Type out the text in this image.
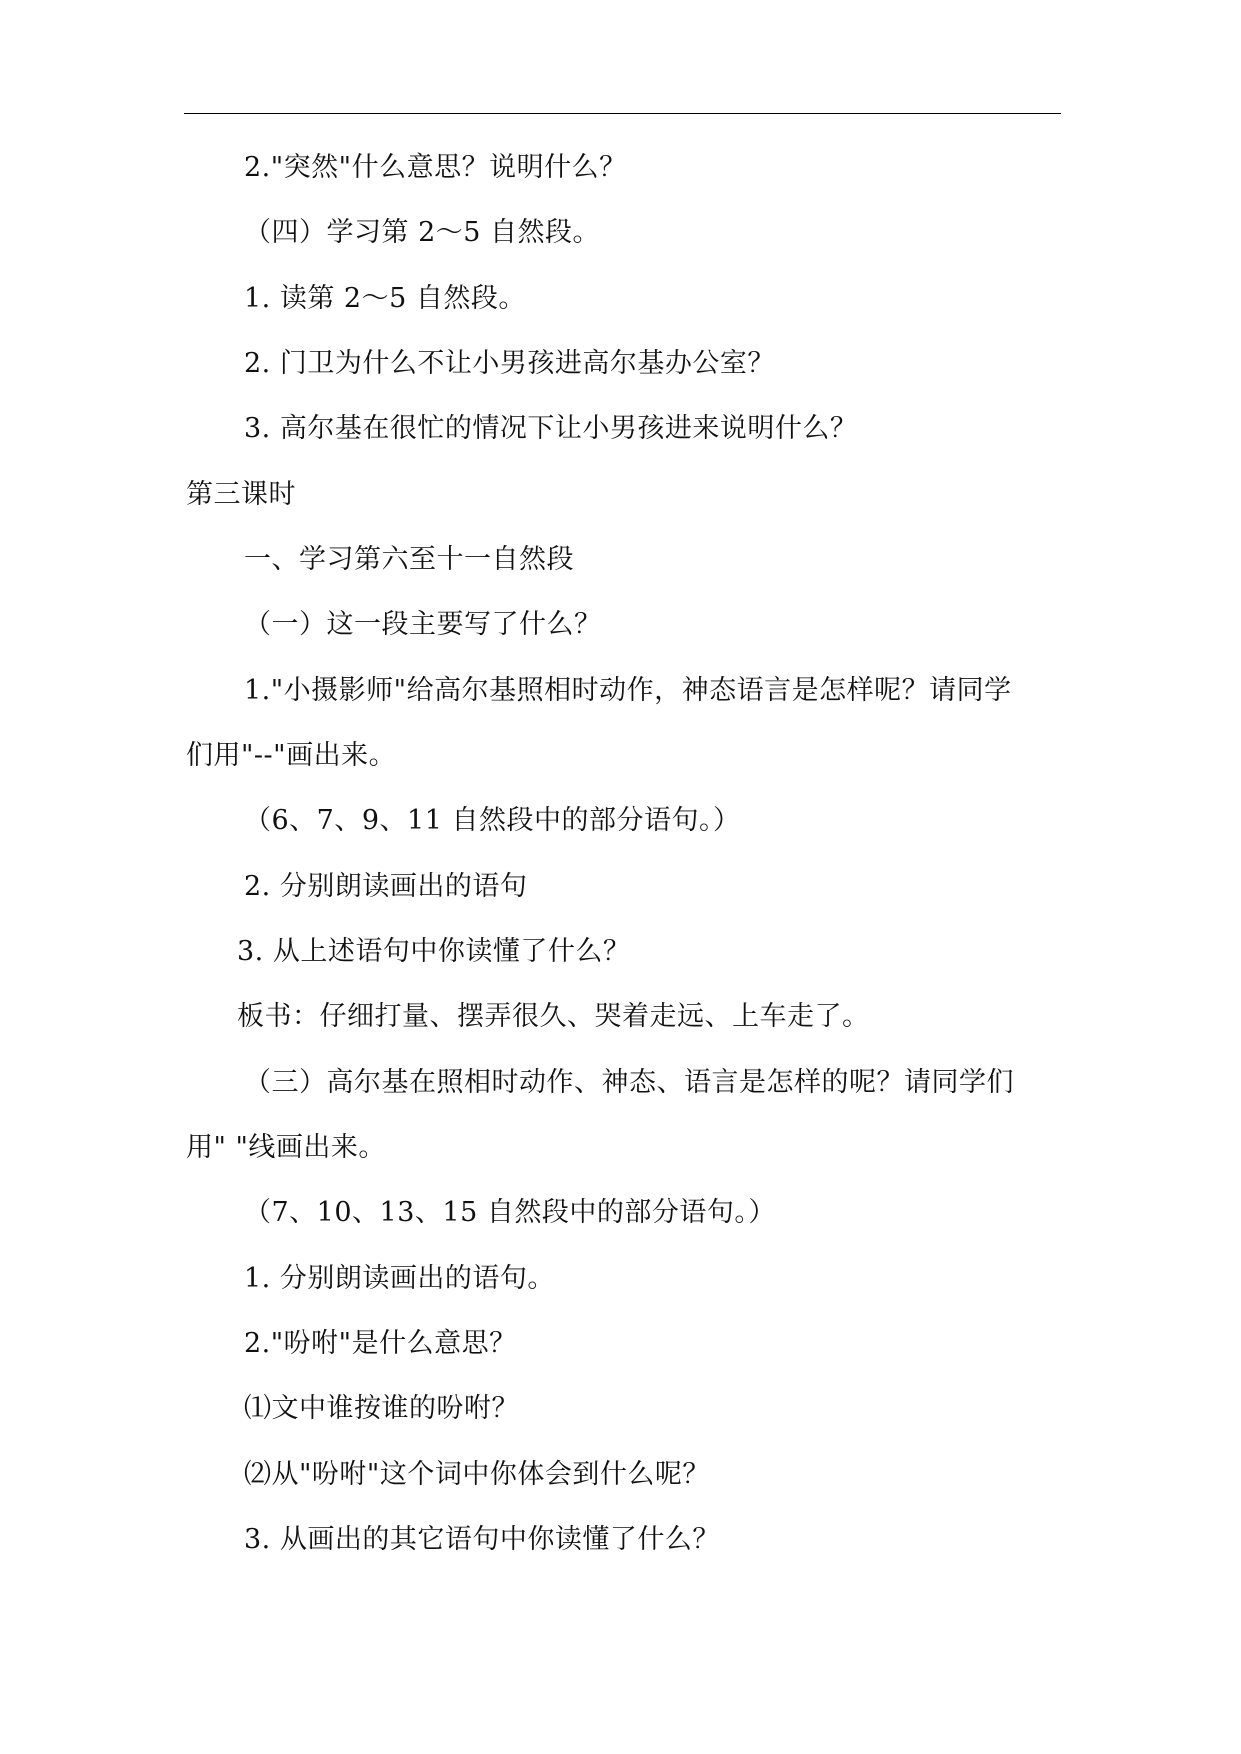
2."突然"什么意思？说明什么？
（四）学习第 2～5 自然段。
1. 读第 2～5 自然段。
2. 门卫为什么不让小男孩进高尔基办公室？
3. 高尔基在很忙的情况下让小男孩进来说明什么？
第三课时
一、学习第六至十一自然段
（一）这一段主要写了什么？
1."小摄影师"给高尔基照相时动作，神态语言是怎样呢？请同学
们用"--"画出来。
（6、7、9、11 自然段中的部分语句。）
2. 分别朗读画出的语句
3. 从上述语句中你读懂了什么？
板书：仔细打量、摆弄很久、哭着走远、上车走了。
（三）高尔基在照相时动作、神态、语言是怎样的呢？请同学们
用" "线画出来。
（7、10、13、15 自然段中的部分语句。）
1. 分别朗读画出的语句。
2."吩咐"是什么意思？
⑴文中谁按谁的吩咐？
⑵从"吩咐"这个词中你体会到什么呢？
3. 从画出的其它语句中你读懂了什么？
